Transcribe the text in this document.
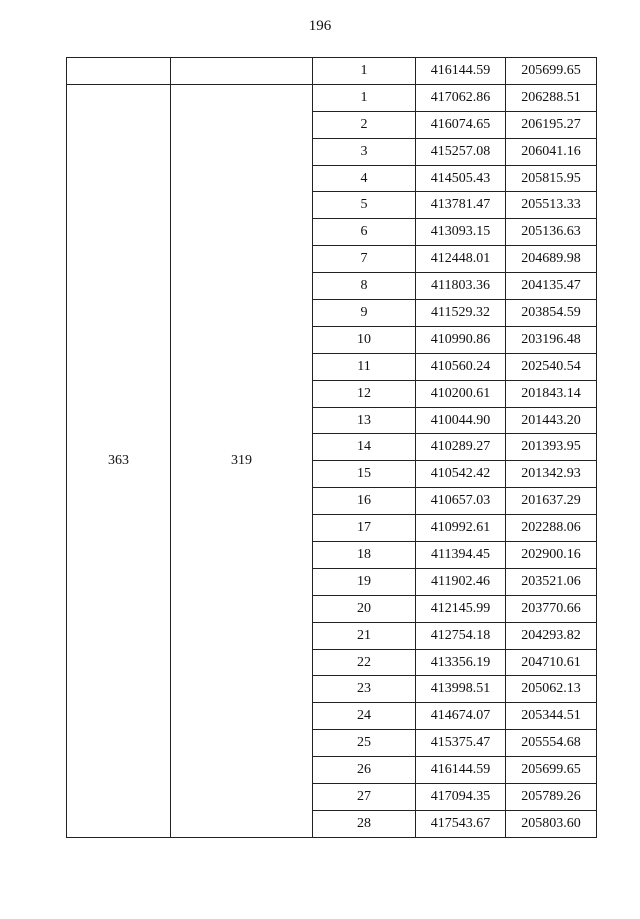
196
		1	416144.59	205699.65
363	319	1	417062.86	206288.51
		2	416074.65	206195.27
		3	415257.08	206041.16
		4	414505.43	205815.95
		5	413781.47	205513.33
		6	413093.15	205136.63
		7	412448.01	204689.98
		8	411803.36	204135.47
		9	411529.32	203854.59
		10	410990.86	203196.48
		11	410560.24	202540.54
		12	410200.61	201843.14
		13	410044.90	201443.20
		14	410289.27	201393.95
		15	410542.42	201342.93
		16	410657.03	201637.29
		17	410992.61	202288.06
		18	411394.45	202900.16
		19	411902.46	203521.06
		20	412145.99	203770.66
		21	412754.18	204293.82
		22	413356.19	204710.61
		23	413998.51	205062.13
		24	414674.07	205344.51
		25	415375.47	205554.68
		26	416144.59	205699.65
		27	417094.35	205789.26
		28	417543.67	205803.60
